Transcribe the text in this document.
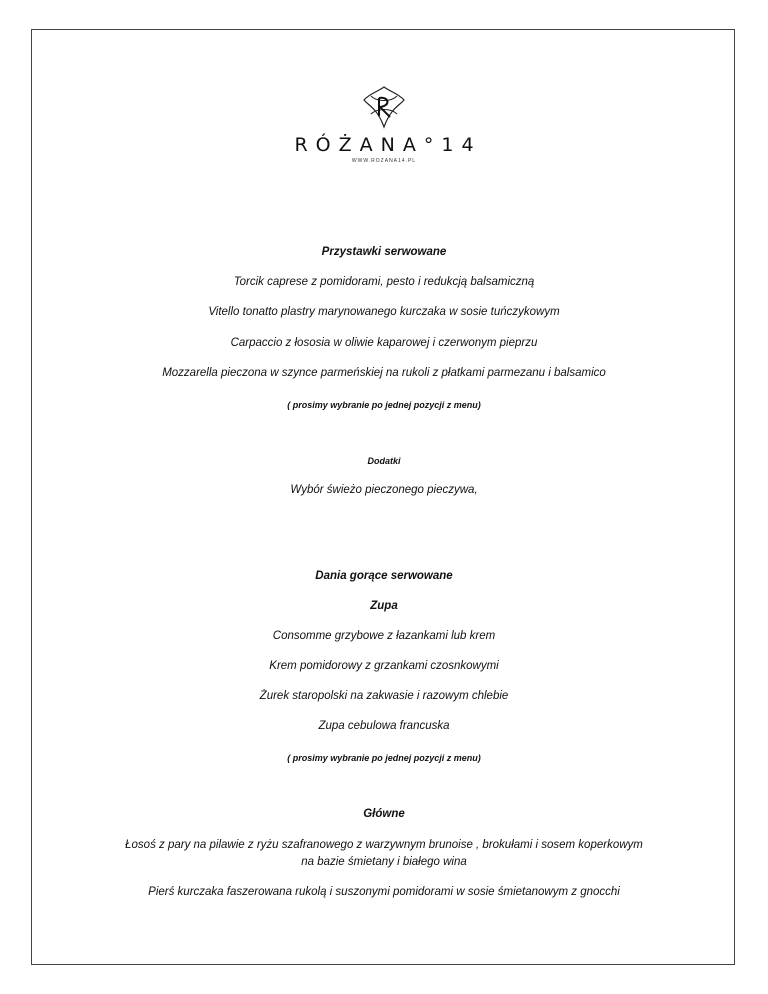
RÓŻANA°14
WWW.ROZANA14.PL
Przystawki serwowane
Torcik caprese z pomidorami, pesto i redukcją balsamiczną
Vitello tonatto plastry marynowanego kurczaka w sosie tuńczykowym
Carpaccio z łososia w oliwie kaparowej i czerwonym pieprzu
Mozzarella pieczona w szynce parmeńskiej na rukoli z płatkami parmezanu i balsamico
( prosimy wybranie po jednej pozycji z menu)
Dodatki
Wybór świeżo pieczonego pieczywa,
Dania gorące serwowane
Zupa
Consomme grzybowe z łazankami lub krem
Krem pomidorowy z grzankami czosnkowymi
Żurek staropolski na zakwasie i razowym chlebie
Zupa cebulowa francuska
( prosimy wybranie po jednej pozycji z menu)
Główne
Łosoś z pary na pilawie z ryżu szafranowego z warzywnym brunoise , brokułami i sosem koperkowym
na bazie śmietany i białego wina
Pierś kurczaka faszerowana rukolą i suszonymi pomidorami w sosie śmietanowym z gnocchi
